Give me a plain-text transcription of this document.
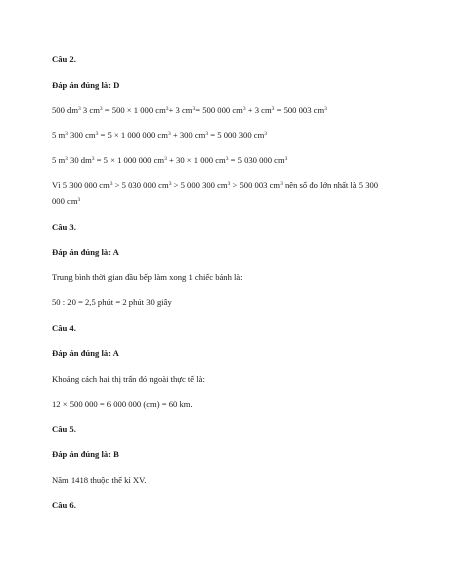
Câu 2.
Đáp án đúng là: D
500 $dm^3$ 3 $cm^3 = 500 \times 1$ 000 $cm^3+ 3$ $cm^3= 500$ 000 $cm^3 + 3$ $cm^3 = 500$ 003 $cm^3$
5 $m^3$ 300 $cm^3 = 5 \times 1$ 000 000 $cm^3 + 300$ $cm^3 = 5$ 000 300 $cm^3$
5 $m^3$ 30 $dm^3 = 5 \times 1$ 000 000 $cm^3 + 30 \times 1$ 000 $cm^3 = 5$ 030 000 $cm^3$
Vì 5 300 000 $cm^3 > 5$ 030 000 $cm^3 > 5$ 000 300 $cm^3 > 500$ 003 $cm^3$ nên số đo lớn nhất là 5 300
000 $cm^3$
Câu 3.
Đáp án đúng là: A
Trung bình thời gian đầu bếp làm xong 1 chiếc bánh là:
50 : 20 = 2,5 phút = 2 phút 30 giây
Câu 4.
Đáp án đúng là: A
Khoảng cách hai thị trấn đó ngoài thực tế là:
12 × 500 000 = 6 000 000 (cm) = 60 km.
Câu 5.
Đáp án đúng là: B
Năm 1418 thuộc thế kỉ XV.
Câu 6.
